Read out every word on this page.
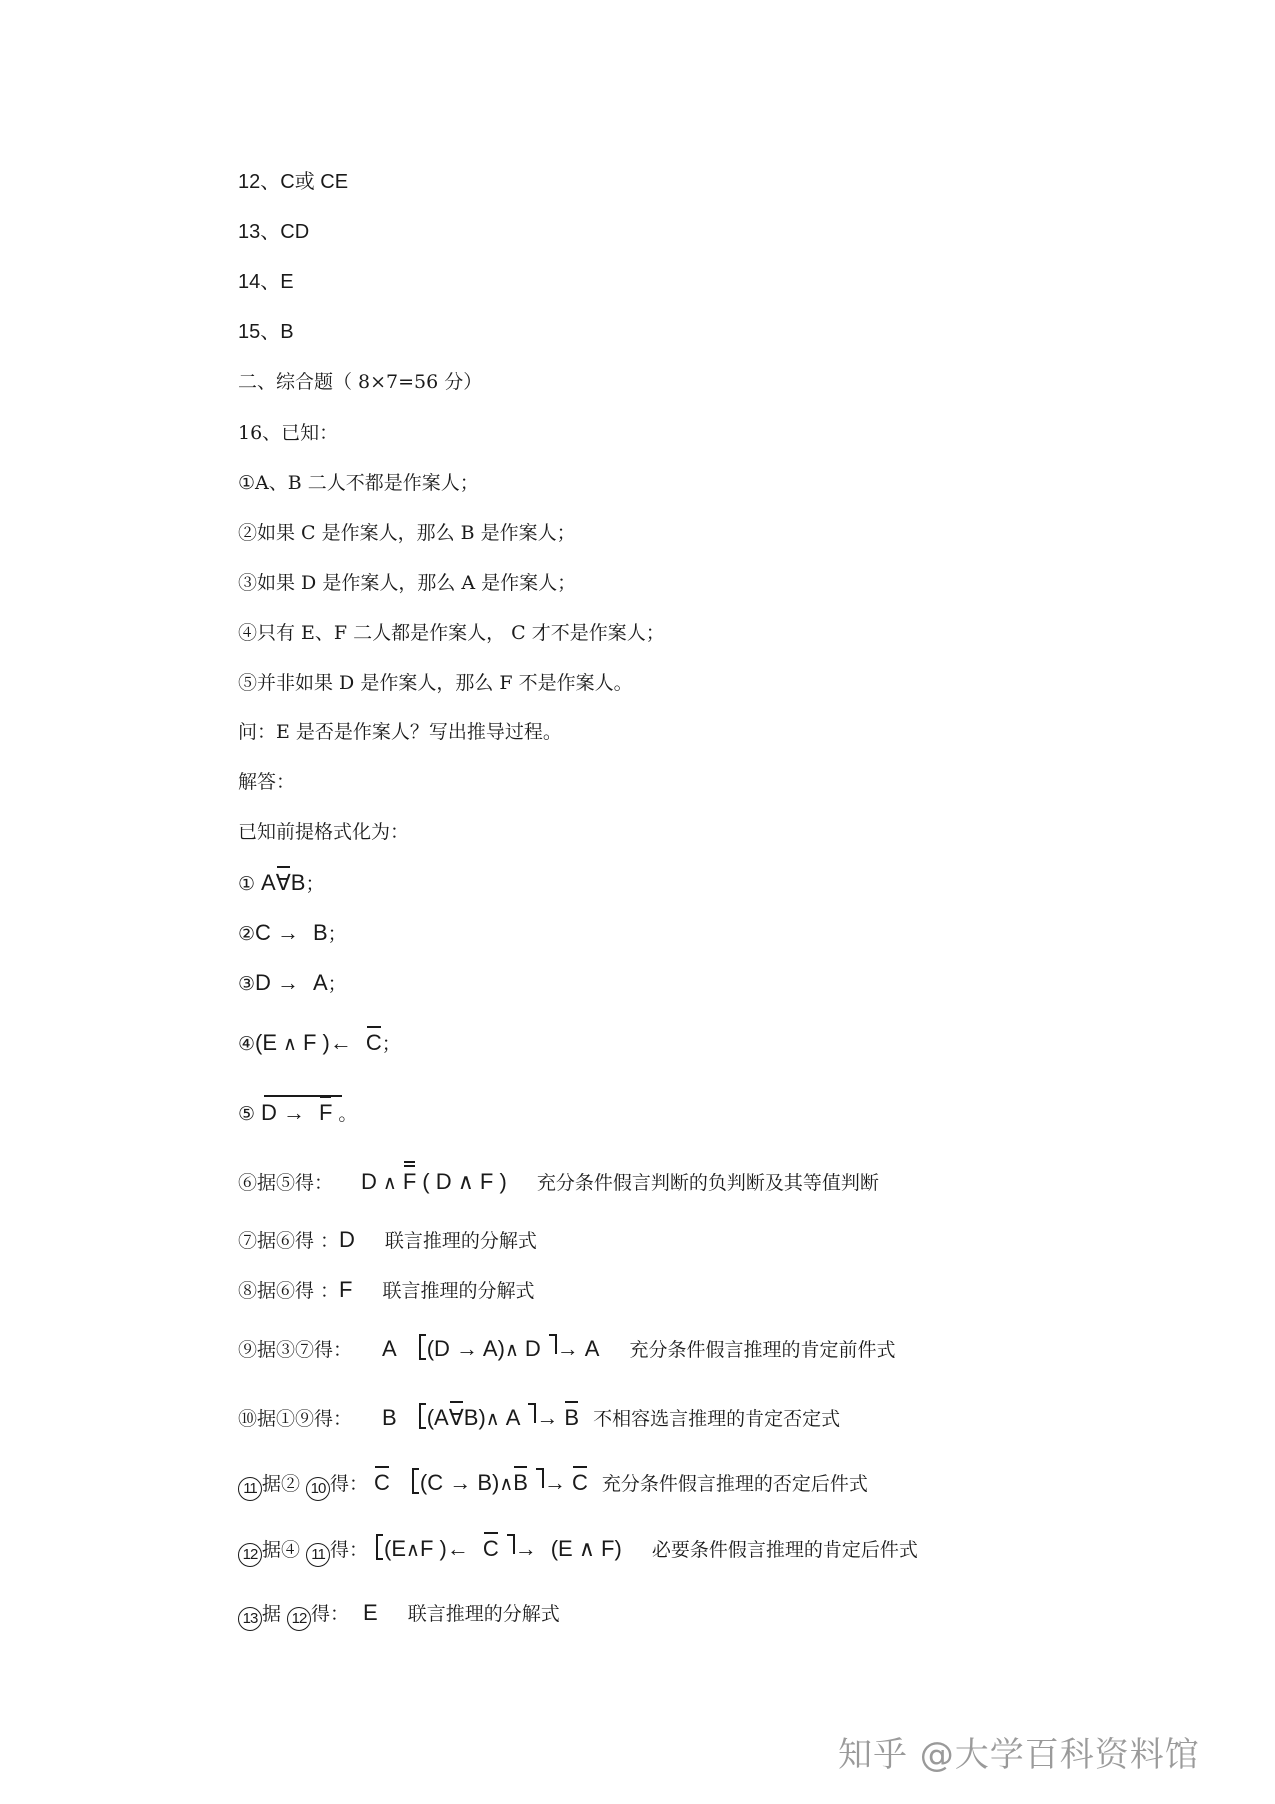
12、C或 CE
13、CD
14、E
15、B
二、综合题（ 8×7=56 分）
16、已知：
①A、B 二人不都是作案人；
②如果 C 是作案人，那么 B 是作案人；
③如果 D 是作案人，那么 A 是作案人；
④只有 E、F 二人都是作案人， C 才不是作案人；
⑤并非如果 D 是作案人，那么 F 不是作案人。
问：E 是否是作案人？写出推导过程。
解答：
已知前提格式化为：
① A∀B；
②C → B；
③D → A；
④(E ∧ F )← C；
⑤ D → F 。
⑥据⑤得： D ∧ F ( D ∧ F ) 充分条件假言判断的负判断及其等值判断
⑦据⑥得 ：D 联言推理的分解式
⑧据⑥得 ：F 联言推理的分解式
⑨据③⑦得： A (D → A)∧ D → A 充分条件假言推理的肯定前件式
⑩据①⑨得： B (A∀B)∧ A → B 不相容选言推理的肯定否定式
11 据② 10 得： C (C → B)∧B → C 充分条件假言推理的否定后件式
12 据④ 11 得： (E∧F )← C → (E ∧ F) 必要条件假言推理的肯定后件式
13 据 12 得： E 联言推理的分解式
知乎 @大学百科资料馆
